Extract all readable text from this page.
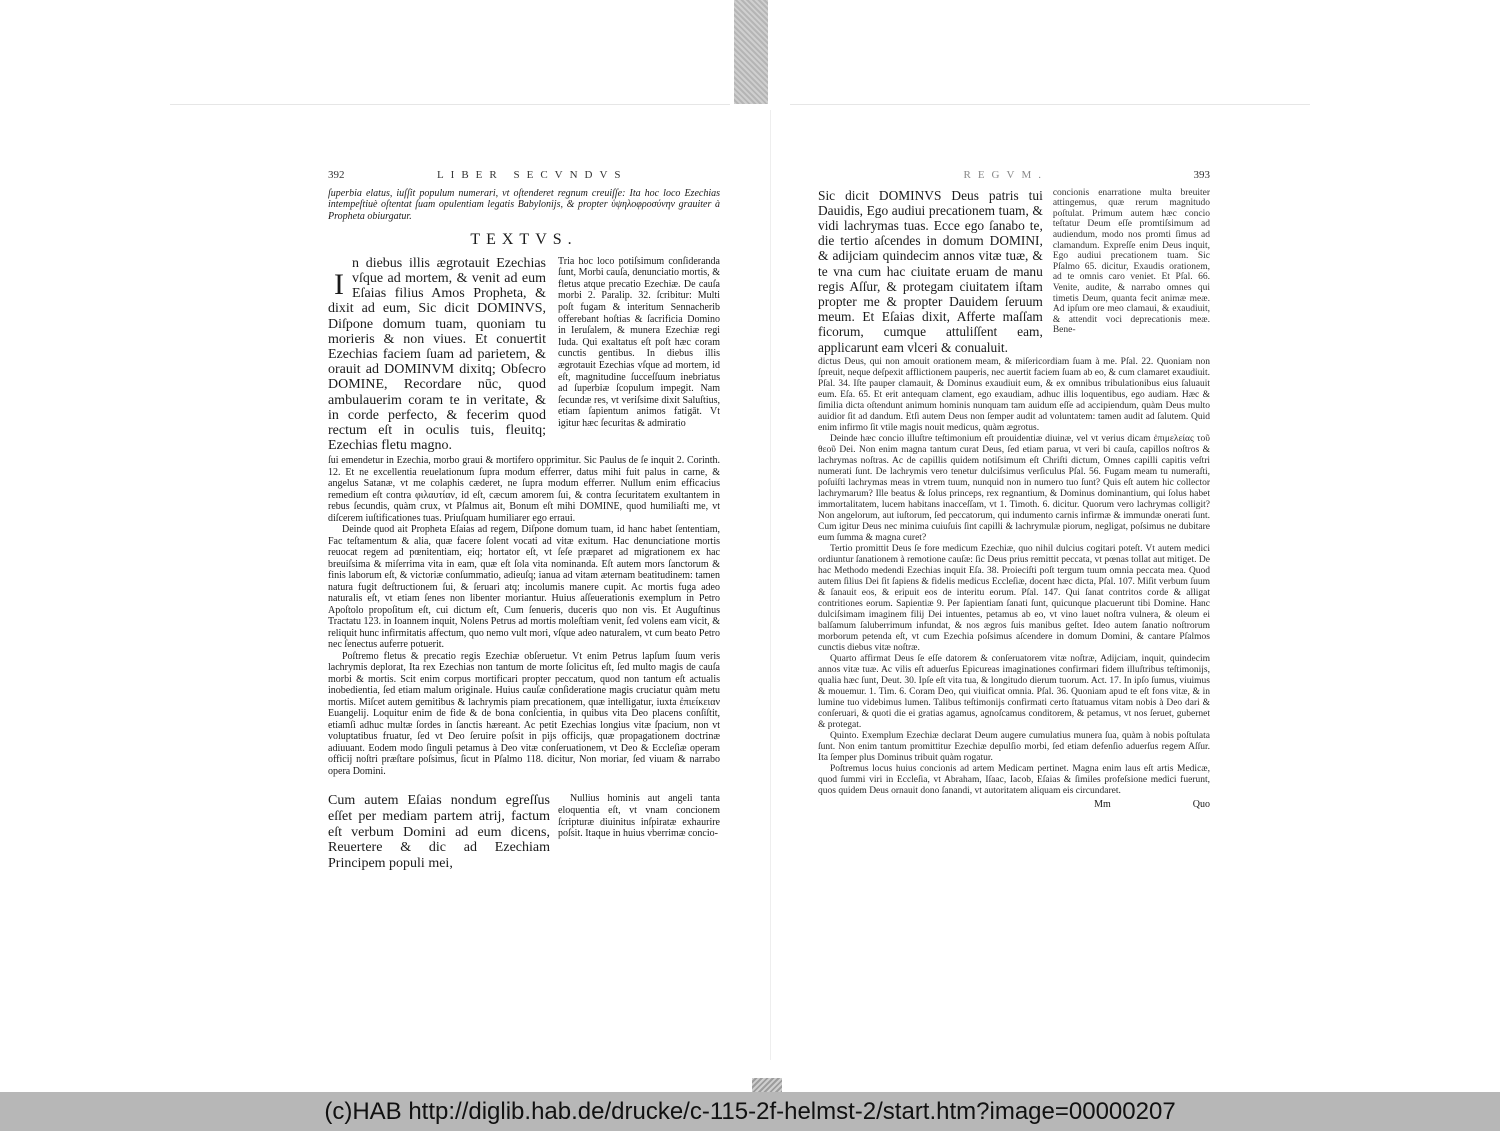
392	LIBER SECVNDVS

ſuperbia elatus, iuſſit populum numerari, vt oſtenderet regnum creuiſſe: Ita hoc loco Ezechias intempeſtiuè oſtentat ſuam opulentiam legatis Babylonijs, & propter ὑψηλοφροσύνην grauiter à Propheta obiurgatur.

TEXTVS.
I

n diebus illis ægrotauit Ezechias vſque ad mortem, & venit ad eum Eſaias filius Amos Propheta, & dixit ad eum, Sic dicit DOMINVS, Diſpone domum tuam, quoniam tu morieris & non viues. Et conuertit Ezechias faciem ſuam ad parietem, & orauit ad DOMINVM dixitq; Obſecro DOMINE, Recordare nūc, quod ambulauerim coram te in veritate, & in corde perfecto, & fecerim quod rectum eſt in oculis tuis, fleuitq; Ezechias fletu magno.

Tria hoc loco potiſsimum conſideranda ſunt, Morbi cauſa, denunciatio mortis, & fletus atque precatio Ezechiæ. De cauſa morbi 2. Paralip. 32. ſcribitur: Multi poſt fugam & interitum Sennacherib offerebant hoſtias & ſacrificia Domino in Ieruſalem, & munera Ezechiæ regi Iuda. Qui exaltatus eſt poſt hæc coram cunctis gentibus. In diebus illis ægrotauit Ezechias vſque ad mortem, id eſt, magnitudine ſucceſſuum inebriatus ad ſuperbiæ ſcopulum impegit. Nam ſecundæ res, vt veriſsime dixit Saluſtius, etiam ſapientum animos fatigāt. Vt igitur hæc ſecuritas & admiratio

ſui emendetur in Ezechia, morbo graui & mortifero opprimitur. Sic Paulus de ſe inquit 2. Corinth. 12. Et ne excellentia reuelationum ſupra modum efferrer, datus mihi fuit palus in carne, & angelus Satanæ, vt me colaphis cæderet, ne ſupra modum efferrer. Nullum enim efficacius remedium eſt contra φιλαυτίαν, id eſt, cæcum amorem ſui, & contra ſecuritatem exultantem in rebus ſecundis, quàm crux, vt Pſalmus ait, Bonum eſt mihi DOMINE, quod humiliaſti me, vt diſcerem iuſtificationes tuas. Priuſquam humiliarer ego erraui.

Deinde quod ait Propheta Eſaias ad regem, Diſpone domum tuam, id hanc habet ſententiam, Fac teſtamentum & alia, quæ facere ſolent vocati ad vitæ exitum. Hac denunciatione mortis reuocat regem ad pœnitentiam, eiq; hortator eſt, vt ſeſe præparet ad migrationem ex hac breuiſsima & miſerrima vita in eam, quæ eſt ſola vita nominanda. Eſt autem mors ſanctorum & finis laborum eſt, & victoriæ conſummatio, adieuſq; ianua ad vitam æternam beatitudinem: tamen natura fugit deſtructionem ſui, & ſeruari atq; incolumis manere cupit. Ac mortis fuga adeo naturalis eſt, vt etiam ſenes non libenter moriantur. Huius aſſeuerationis exemplum in Petro Apoſtolo propoſitum eſt, cui dictum eſt, Cum ſenueris, duceris quo non vis. Et Auguſtinus Tractatu 123. in Ioannem inquit, Nolens Petrus ad mortis moleſtiam venit, ſed volens eam vicit, & reliquit hunc infirmitatis affectum, quo nemo vult mori, vſque adeo naturalem, vt cum beato Petro nec ſenectus auferre potuerit.

Poſtremo fletus & precatio regis Ezechiæ obſeruetur. Vt enim Petrus lapſum ſuum veris lachrymis deplorat, Ita rex Ezechias non tantum de morte ſolicitus eſt, ſed multo magis de cauſa morbi & mortis. Scit enim corpus mortificari propter peccatum, quod non tantum eſt actualis inobedientia, ſed etiam malum originale. Huius cauſæ conſideratione magis cruciatur quàm metu mortis. Miſcet autem gemitibus & lachrymis piam precationem, quæ intelligatur, iuxta ἐπιείκειαν Euangelij. Loquitur enim de fide & de bona conſcientia, in quibus vita Deo placens conſiſtit, etiamſi adhuc multæ ſordes in ſanctis hæreant. Ac petit Ezechias longius vitæ ſpacium, non vt voluptatibus fruatur, ſed vt Deo ſeruire poſsit in pijs officijs, quæ propagationem doctrinæ adiuuant. Eodem modo ſinguli petamus à Deo vitæ conſeruationem, vt Deo & Eccleſiæ operam officij noſtri præſtare poſsimus, ſicut in Pſalmo 118. dicitur, Non moriar, ſed viuam & narrabo opera Domini.

Cum autem Eſaias nondum egreſſus eſſet per mediam partem atrij, factum eſt verbum Domini ad eum dicens, Reuertere & dic ad Ezechiam Principem populi mei,

Nullius hominis aut angeli tanta eloquentia eſt, vt vnam concionem ſcripturæ diuinitus inſpiratæ exhaurire poſsit. Itaque in huius vberrimæ concio-

REGVM.	393

Sic dicit DOMINVS Deus patris tui Dauidis, Ego audiui precationem tuam, & vidi lachrymas tuas. Ecce ego ſanabo te, die tertio aſcendes in domum DOMINI, & adijciam quindecim annos vitæ tuæ, & te vna cum hac ciuitate eruam de manu regis Aſſur, & protegam ciuitatem iſtam propter me & propter Dauidem ſeruum meum. Et Eſaias dixit, Afferte maſſam ficorum, cumque attuliſſent eam, applicarunt eam vlceri & conualuit.

concionis enarratione multa breuiter attingemus, quæ rerum magnitudo poſtulat. Primum autem hæc concio teſtatur Deum eſſe promtiſsimum ad audiendum, modo nos promti ſimus ad clamandum. Expreſſe enim Deus inquit, Ego audiui precationem tuam. Sic Pſalmo 65. dicitur, Exaudis orationem, ad te omnis caro veniet. Et Pſal. 66. Venite, audite, & narrabo omnes qui timetis Deum, quanta fecit animæ meæ. Ad ipſum ore meo clamaui, & exaudiuit, & attendit voci deprecationis meæ. Bene-

dictus Deus, qui non amouit orationem meam, & miſericordiam ſuam à me. Pſal. 22. Quoniam non ſpreuit, neque deſpexit afflictionem pauperis, nec auertit faciem ſuam ab eo, & cum clamaret exaudiuit. Pſal. 34. Iſte pauper clamauit, & Dominus exaudiuit eum, & ex omnibus tribulationibus eius ſaluauit eum. Eſa. 65. Et erit antequam clament, ego exaudiam, adhuc illis loquentibus, ego audiam. Hæc & ſimilia dicta oſtendunt animum hominis nunquam tam auidum eſſe ad accipiendum, quàm Deus multo auidior ſit ad dandum. Etſi autem Deus non ſemper audit ad voluntatem: tamen audit ad ſalutem. Quid enim infirmo ſit vtile magis nouit medicus, quàm ægrotus.

Deinde hæc concio illuſtre teſtimonium eſt prouidentiæ diuinæ, vel vt verius dicam ἐπιμελείας τοῦ θεοῦ Dei. Non enim magna tantum curat Deus, ſed etiam parua, vt veri bi cauſa, capillos noſtros & lachrymas noſtras. Ac de capillis quidem notiſsimum eſt Chriſti dictum, Omnes capilli capitis veſtri numerati ſunt. De lachrymis vero tenetur dulciſsimus verſiculus Pſal. 56. Fugam meam tu numeraſti, poſuiſti lachrymas meas in vtrem tuum, nunquid non in numero tuo ſunt? Quis eſt autem hic collector lachrymarum? Ille beatus & ſolus princeps, rex regnantium, & Dominus dominantium, qui ſolus habet immortalitatem, lucem habitans inacceſſam, vt 1. Timoth. 6. dicitur. Quorum vero lachrymas colligit? Non angelorum, aut iuſtorum, ſed peccatorum, qui indumento carnis infirmæ & immundæ onerati ſunt. Cum igitur Deus nec minima cuiuſuis ſint capilli & lachrymulæ piorum, negligat, poſsimus ne dubitare eum ſumma & magna curet?

Tertio promittit Deus ſe fore medicum Ezechiæ, quo nihil dulcius cogitari poteſt. Vt autem medici ordiuntur ſanationem à remotione cauſæ: ſic Deus prius remittit peccata, vt pœnas tollat aut mitiget. De hac Methodo medendi Ezechias inquit Eſa. 38. Proieciſti poſt tergum tuum omnia peccata mea. Quod autem ſilius Dei ſit ſapiens & fidelis medicus Eccleſiæ, docent hæc dicta, Pſal. 107. Miſit verbum ſuum & ſanauit eos, & eripuit eos de interitu eorum. Pſal. 147. Qui ſanat contritos corde & alligat contritiones eorum. Sapientiæ 9. Per ſapientiam ſanati ſunt, quicunque placuerunt tibi Domine. Hanc dulciſsimam imaginem filij Dei intuentes, petamus ab eo, vt vino lauet noſtra vulnera, & oleum ei balſamum ſaluberrimum infundat, & nos ægros ſuis manibus geſtet. Ideo autem ſanatio noſtrorum morborum petenda eſt, vt cum Ezechia poſsimus aſcendere in domum Domini, & cantare Pſalmos cunctis diebus vitæ noſtræ.

Quarto affirmat Deus ſe eſſe datorem & conſeruatorem vitæ noſtræ, Adijciam, inquit, quindecim annos vitæ tuæ. Ac vilis eſt aduerſus Epicureas imaginationes confirmari fidem illuſtribus teſtimonijs, qualia hæc ſunt, Deut. 30. Ipſe eſt vita tua, & longitudo dierum tuorum. Act. 17. In ipſo ſumus, viuimus & mouemur. 1. Tim. 6. Coram Deo, qui viuificat omnia. Pſal. 36. Quoniam apud te eſt fons vitæ, & in lumine tuo videbimus lumen. Talibus teſtimonijs confirmati certo ſtatuamus vitam nobis à Deo dari & conſeruari, & quoti die ei gratias agamus, agnoſcamus conditorem, & petamus, vt nos ſeruet, gubernet & protegat.

Quinto. Exemplum Ezechiæ declarat Deum augere cumulatius munera ſua, quàm à nobis poſtulata ſunt. Non enim tantum promittitur Ezechiæ depulſio morbi, ſed etiam defenſio aduerſus regem Aſſur. Ita ſemper plus Dominus tribuit quàm rogatur.

Poſtremus locus huius concionis ad artem Medicam pertinet. Magna enim laus eſt artis Medicæ, quod ſummi viri in Eccleſia, vt Abraham, Iſaac, Iacob, Eſaias & ſimiles profeſsione medici fuerunt, quos quidem Deus ornauit dono ſanandi, vt autoritatem aliquam eis circundaret.

Mm	Quo
(c)HAB http://diglib.hab.de/drucke/c-115-2f-helmst-2/start.htm?image=00000207
